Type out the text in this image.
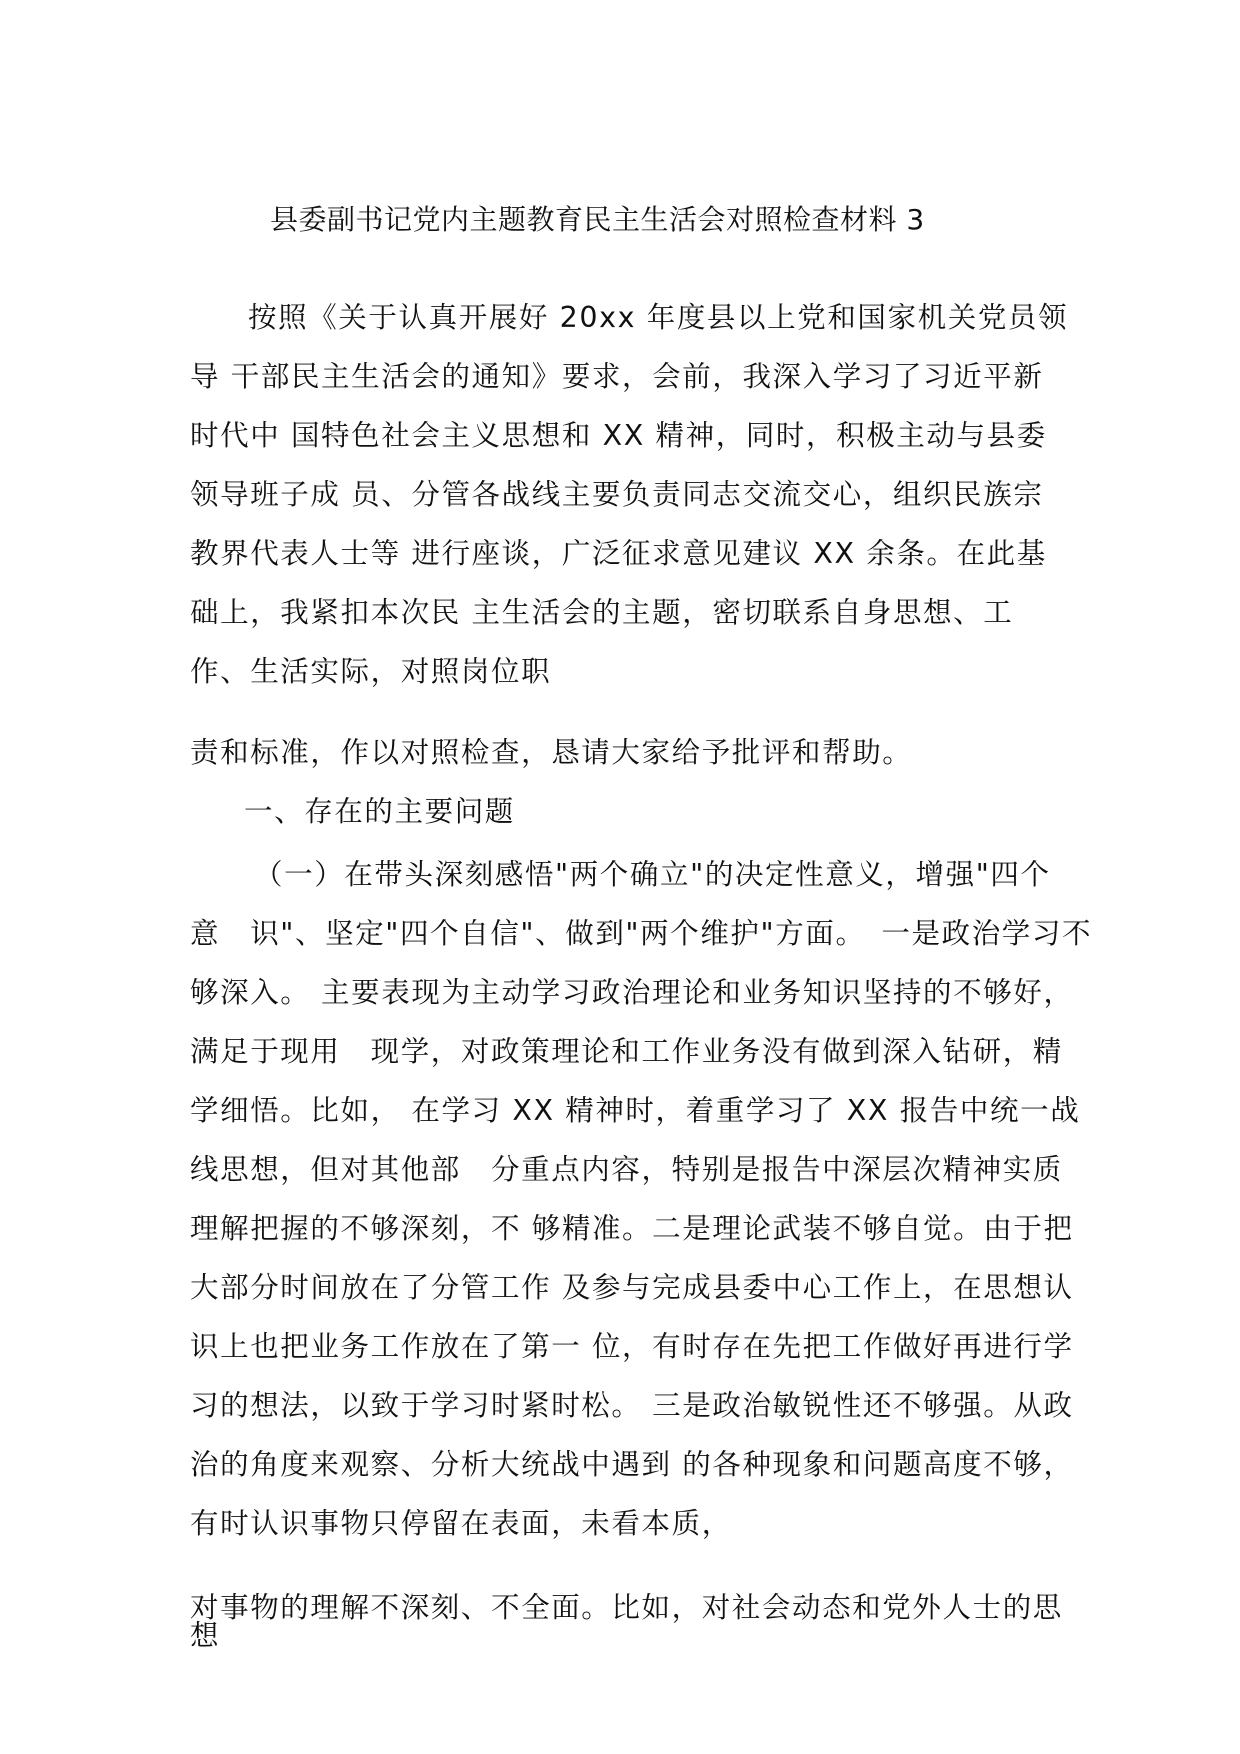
县委副书记党内主题教育民主生活会对照检查材料 3
按照《关于认真开展好 20xx 年度县以上党和国家机关党员领
导 干部民主生活会的通知》要求，会前，我深入学习了习近平新
时代中 国特色社会主义思想和 XX 精神，同时，积极主动与县委
领导班子成 员、分管各战线主要负责同志交流交心，组织民族宗
教界代表人士等 进行座谈，广泛征求意见建议 XX 余条。在此基
础上，我紧扣本次民 主生活会的主题，密切联系自身思想、工
作、生活实际，对照岗位职
责和标准，作以对照检查，恳请大家给予批评和帮助。
一、存在的主要问题
（一）在带头深刻感悟"两个确立"的决定性意义，增强"四个
意　识"、坚定"四个自信"、做到"两个维护"方面。　一是政治学习不
够深入。 主要表现为主动学习政治理论和业务知识坚持的不够好，
满足于现用　现学，对政策理论和工作业务没有做到深入钻研，精
学细悟。比如， 在学习 XX 精神时，着重学习了 XX 报告中统一战
线思想，但对其他部　分重点内容，特别是报告中深层次精神实质
理解把握的不够深刻，不 够精准。二是理论武装不够自觉。由于把
大部分时间放在了分管工作 及参与完成县委中心工作上，在思想认
识上也把业务工作放在了第一 位，有时存在先把工作做好再进行学
习的想法，以致于学习时紧时松。 三是政治敏锐性还不够强。从政
治的角度来观察、分析大统战中遇到 的各种现象和问题高度不够，
有时认识事物只停留在表面，未看本质，
对事物的理解不深刻、不全面。比如，对社会动态和党外人士的思
想
